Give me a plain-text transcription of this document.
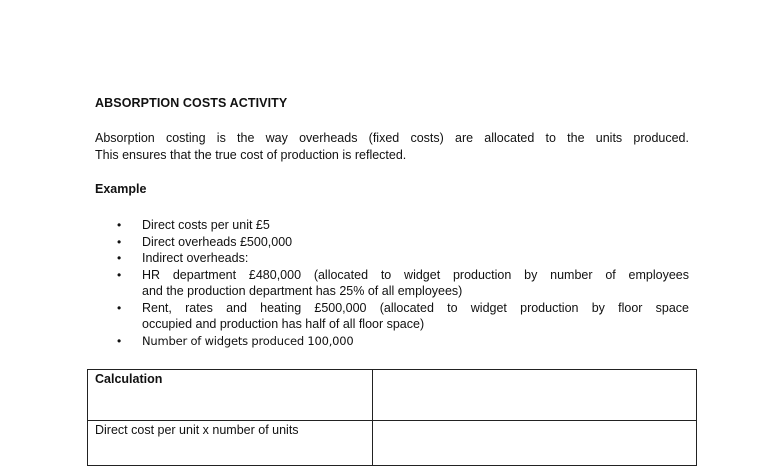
ABSORPTION COSTS ACTIVITY
Absorption costing is the way overheads (fixed costs) are allocated to the units produced.
This ensures that the true cost of production is reflected.
Example
• Direct costs per unit £5
• Direct overheads £500,000
• Indirect overheads:
• HR department £480,000 (allocated to widget production by number of employees
and the production department has 25% of all employees)
• Rent, rates and heating £500,000 (allocated to widget production by floor space
occupied and production has half of all floor space)
• Number of widgets produced 100,000
Calculation	
Direct cost per unit x number of units	
